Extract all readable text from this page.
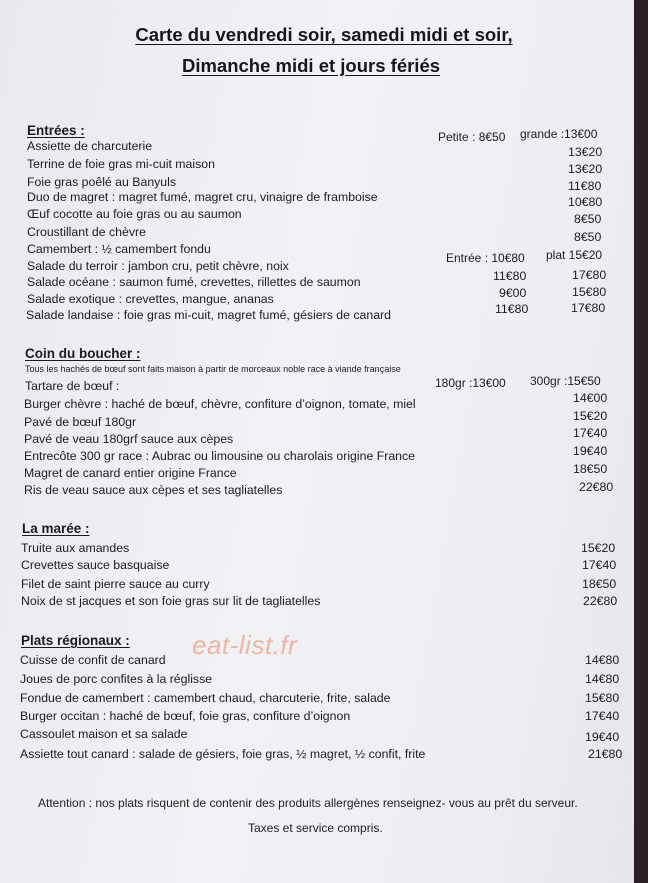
Carte du vendredi soir, samedi midi et soir,
Dimanche midi et jours fériés
Entrées :	Petite : 8€50 grande :13€00
Assiette de charcuterie	13€20
Terrine de foie gras mi-cuit maison	13€20
Foie gras poêlé au Banyuls	11€80
Duo de magret : magret fumé, magret cru, vinaigre de framboise	10€80
Œuf cocotte au foie gras ou au saumon	8€50
Croustillant de chèvre	8€50
Camembert : ½ camembert fondu
Entrée : 10€80 plat 15€20
Salade du terroir : jambon cru, petit chèvre, noix
Salade océane : saumon fumé, crevettes, rillettes de saumon	11€80	17€80
Salade exotique : crevettes, mangue, ananas	9€00	15€80
Salade landaise : foie gras mi-cuit, magret fumé, gésiers de canard	11€80	17€80
Coin du boucher :
Tous les hachés de bœuf sont faits maison à partir de morceaux noble race à viande française
180gr :13€00 300gr :15€50
Tartare de bœuf :
Burger chèvre : haché de bœuf, chèvre, confiture d’oignon, tomate, miel	14€00
Pavé de bœuf 180gr	15€20
Pavé de veau 180grf sauce aux cèpes	17€40
Entrecôte 300 gr race : Aubrac ou limousine ou charolais origine France	19€40
Magret de canard entier origine France	18€50
Ris de veau sauce aux cèpes et ses tagliatelles	22€80
La marée :
Truite aux amandes	15€20
Crevettes sauce basquaise	17€40
Filet de saint pierre sauce au curry	18€50
Noix de st jacques et son foie gras sur lit de tagliatelles	22€80
Plats régionaux : eat-list.fr
Cuisse de confit de canard	14€80
Joues de porc confites à la réglisse	14€80
Fondue de camembert : camembert chaud, charcuterie, frite, salade	15€80
Burger occitan : haché de bœuf, foie gras, confiture d’oignon	17€40
Cassoulet maison et sa salade	19€40
Assiette tout canard : salade de gésiers, foie gras, ½ magret, ½ confit, frite	21€80
Attention : nos plats risquent de contenir des produits allergènes renseignez- vous au prêt du serveur.
Taxes et service compris.
